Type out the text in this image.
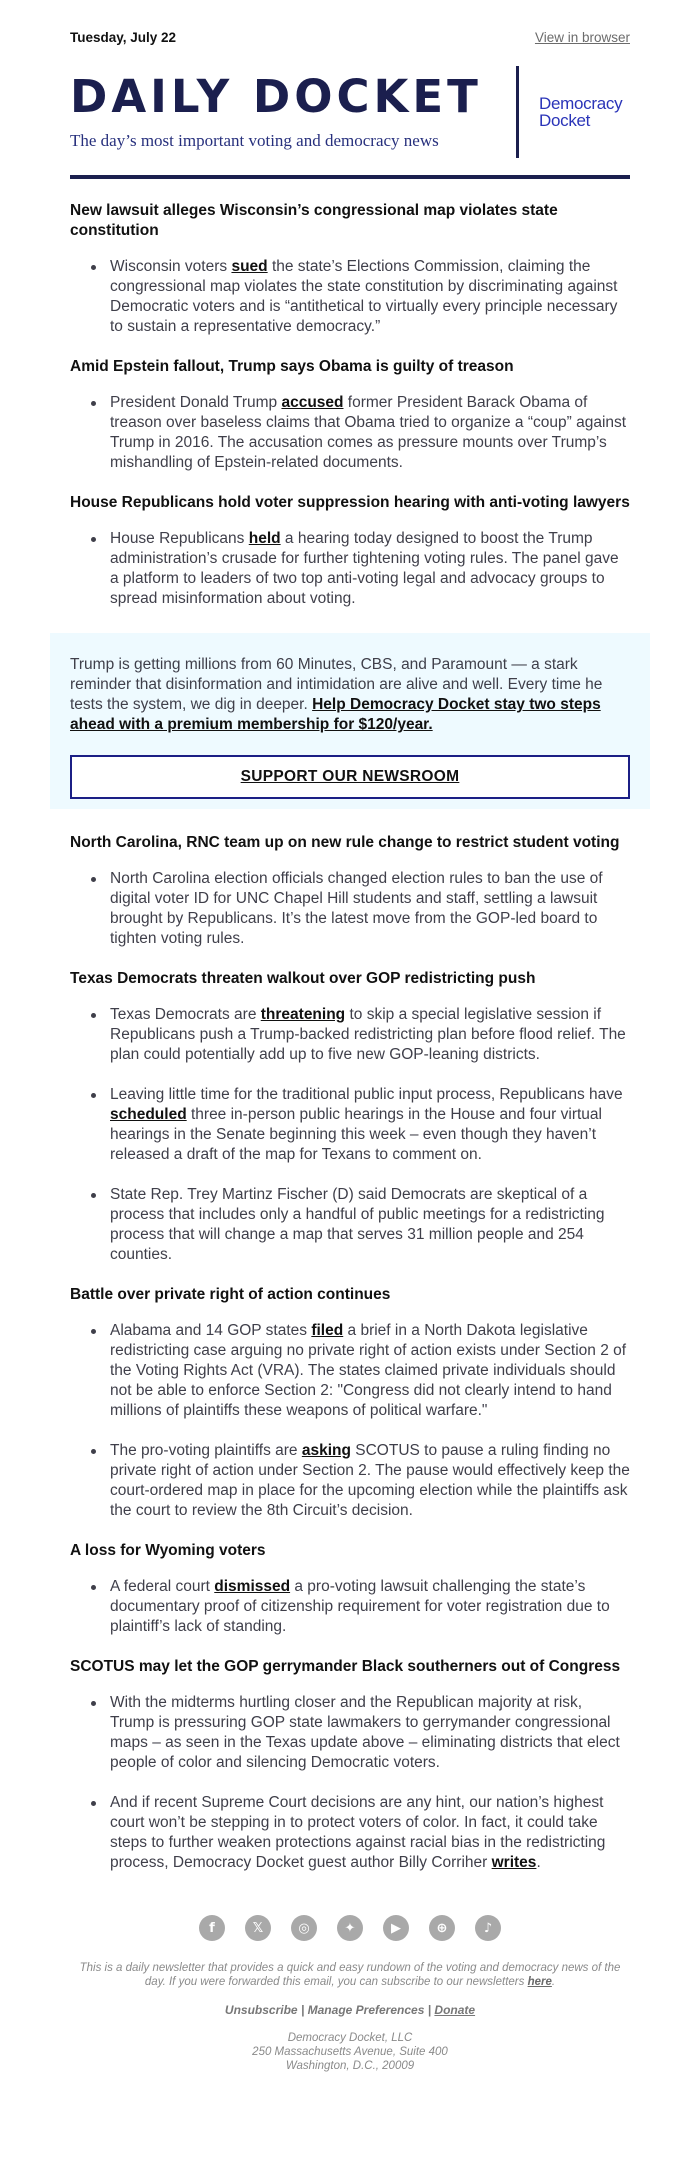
Tuesday, July 22	View in browser
DAILY DOCKET
The day’s most important voting and democracy news
Democracy
Docket
New lawsuit alleges Wisconsin’s congressional map violates state constitution
Wisconsin voters sued the state’s Elections Commission, claiming the congressional map violates the state constitution by discriminating against Democratic voters and is “antithetical to virtually every principle necessary to sustain a representative democracy.”
Amid Epstein fallout, Trump says Obama is guilty of treason
President Donald Trump accused former President Barack Obama of treason over baseless claims that Obama tried to organize a “coup” against Trump in 2016. The accusation comes as pressure mounts over Trump’s mishandling of Epstein-related documents.
House Republicans hold voter suppression hearing with anti-voting lawyers
House Republicans held a hearing today designed to boost the Trump administration’s crusade for further tightening voting rules. The panel gave a platform to leaders of two top anti-voting legal and advocacy groups to spread misinformation about voting.

Trump is getting millions from 60 Minutes, CBS, and Paramount — a stark reminder that disinformation and intimidation are alive and well. Every time he tests the system, we dig in deeper. Help Democracy Docket stay two steps ahead with a premium membership for $120/year.

SUPPORT OUR NEWSROOM
North Carolina, RNC team up on new rule change to restrict student voting
North Carolina election officials changed election rules to ban the use of digital voter ID for UNC Chapel Hill students and staff, settling a lawsuit brought by Republicans. It’s the latest move from the GOP-led board to tighten voting rules.
Texas Democrats threaten walkout over GOP redistricting push
Texas Democrats are threatening to skip a special legislative session if Republicans push a Trump-backed redistricting plan before flood relief. The plan could potentially add up to five new GOP-leaning districts.
Leaving little time for the traditional public input process, Republicans have scheduled three in-person public hearings in the House and four virtual hearings in the Senate beginning this week – even though they haven’t released a draft of the map for Texans to comment on.
State Rep. Trey Martinz Fischer (D) said Democrats are skeptical of a process that includes only a handful of public meetings for a redistricting process that will change a map that serves 31 million people and 254 counties.
Battle over private right of action continues
Alabama and 14 GOP states filed a brief in a North Dakota legislative redistricting case arguing no private right of action exists under Section 2 of the Voting Rights Act (VRA). The states claimed private individuals should not be able to enforce Section 2: "Congress did not clearly intend to hand millions of plaintiffs these weapons of political warfare."
The pro-voting plaintiffs are asking SCOTUS to pause a ruling finding no private right of action under Section 2. The pause would effectively keep the court-ordered map in place for the upcoming election while the plaintiffs ask the court to review the 8th Circuit’s decision.
A loss for Wyoming voters
A federal court dismissed a pro-voting lawsuit challenging the state’s documentary proof of citizenship requirement for voter registration due to plaintiff’s lack of standing.
SCOTUS may let the GOP gerrymander Black southerners out of Congress
With the midterms hurtling closer and the Republican majority at risk, Trump is pressuring GOP state lawmakers to gerrymander congressional maps – as seen in the Texas update above – eliminating districts that elect people of color and silencing Democratic voters.
And if recent Supreme Court decisions are any hint, our nation’s highest court won’t be stepping in to protect voters of color. In fact, it could take steps to further weaken protections against racial bias in the redistricting process, Democracy Docket guest author Billy Corriher writes.
f	𝕏	◎	✦	▶	⊕	♪
This is a daily newsletter that provides a quick and easy rundown of the voting and democracy news of the day. If you were forwarded this email, you can subscribe to our newsletters here.
Unsubscribe | Manage Preferences | Donate
Democracy Docket, LLC
250 Massachusetts Avenue, Suite 400
Washington, D.C., 20009
